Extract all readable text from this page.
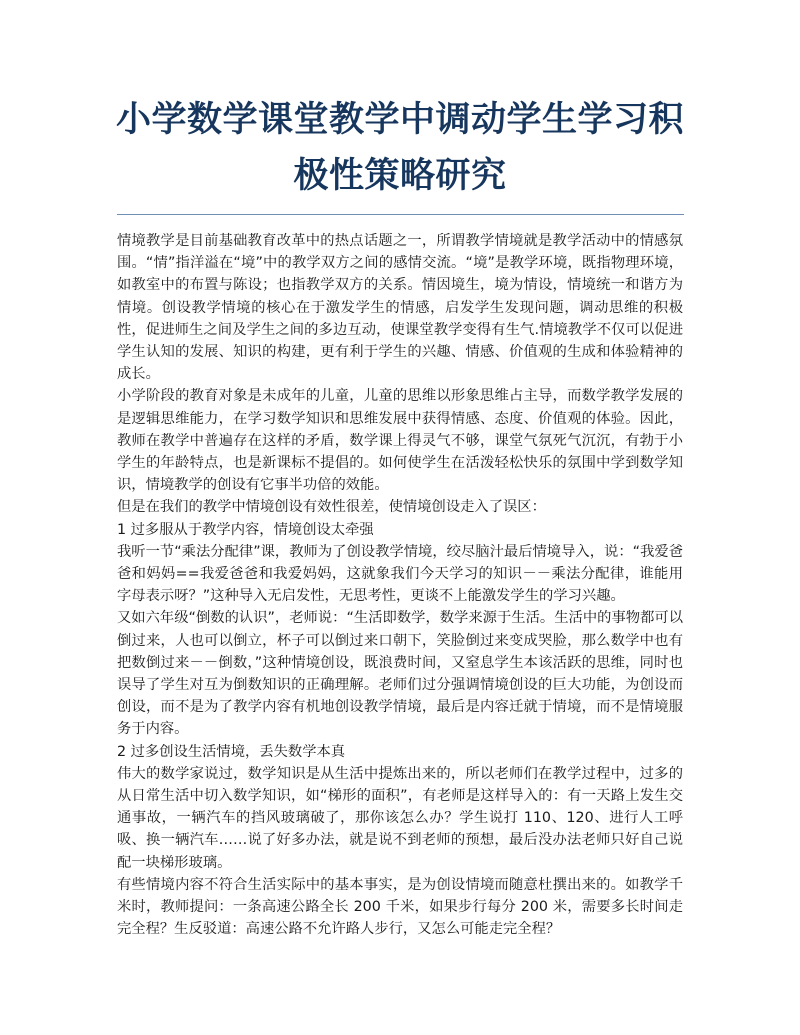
小学数学课堂教学中调动学生学习积
极性策略研究

情境教学是目前基础教育改革中的热点话题之一，所谓教学情境就是教学活动中的情感氛围。“情”指洋溢在“境”中的教学双方之间的感情交流。“境”是教学环境，既指物理环境，如教室中的布置与陈设；也指教学双方的关系。情因境生，境为情设，情境统一和谐方为情境。创设教学情境的核心在于激发学生的情感，启发学生发现问题，调动思维的积极性，促进师生之间及学生之间的多边互动，使课堂教学变得有生气.情境教学不仅可以促进学生认知的发展、知识的构建，更有利于学生的兴趣、情感、价值观的生成和体验精神的成长。

小学阶段的教育对象是未成年的儿童，儿童的思维以形象思维占主导，而数学教学发展的是逻辑思维能力，在学习数学知识和思维发展中获得情感、态度、价值观的体验。因此，教师在教学中普遍存在这样的矛盾，数学课上得灵气不够，课堂气氛死气沉沉，有勃于小学生的年龄特点，也是新课标不提倡的。如何使学生在活泼轻松快乐的氛围中学到数学知识，情境教学的创设有它事半功倍的效能。

但是在我们的教学中情境创设有效性很差，使情境创设走入了误区：

1 过多服从于教学内容，情境创设太牵强

我听一节“乘法分配律”课，教师为了创设教学情境，绞尽脑汁最后情境导入，说：“我爱爸爸和妈妈==我爱爸爸和我爱妈妈，这就象我们今天学习的知识－－乘法分配律，谁能用字母表示呀？”这种导入无启发性，无思考性，更谈不上能激发学生的学习兴趣。

又如六年级“倒数的认识”，老师说：“生活即数学，数学来源于生活。生活中的事物都可以倒过来，人也可以倒立，杯子可以倒过来口朝下，笑脸倒过来变成哭脸，那么数学中也有把数倒过来－－倒数，”这种情境创设，既浪费时间，又窒息学生本该活跃的思维，同时也误导了学生对互为倒数知识的正确理解。老师们过分强调情境创设的巨大功能，为创设而创设，而不是为了教学内容有机地创设教学情境，最后是内容迁就于情境，而不是情境服务于内容。

2 过多创设生活情境，丢失数学本真

伟大的数学家说过，数学知识是从生活中提炼出来的，所以老师们在教学过程中，过多的从日常生活中切入数学知识，如“梯形的面积”，有老师是这样导入的：有一天路上发生交通事故，一辆汽车的挡风玻璃破了，那你该怎么办？学生说打 110、120、进行人工呼吸、换一辆汽车……说了好多办法，就是说不到老师的预想，最后没办法老师只好自己说配一块梯形玻璃。

有些情境内容不符合生活实际中的基本事实，是为创设情境而随意杜撰出来的。如教学千米时，教师提问：一条高速公路全长 200 千米，如果步行每分 200 米，需要多长时间走完全程？生反驳道：高速公路不允许路人步行，又怎么可能走完全程？
